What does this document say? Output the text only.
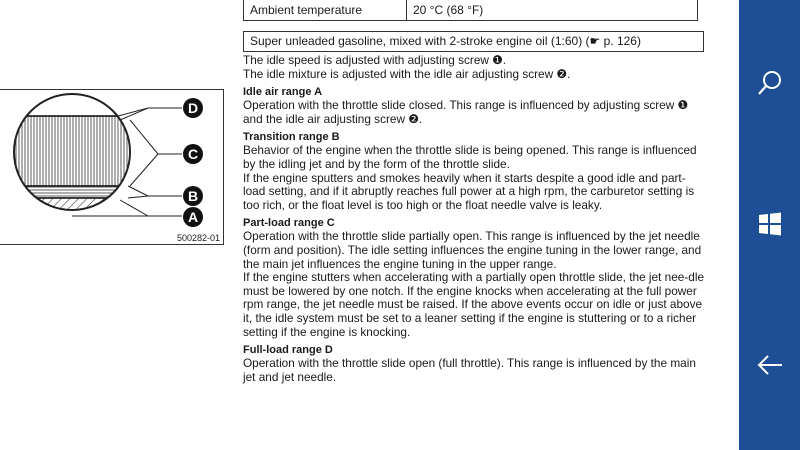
Ambient temperature	20 °C (68 °F)
Super unleaded gasoline, mixed with 2-stroke engine oil (1:60) (☛ p. 126)
D
C
B
A
500282-01

The idle speed is adjusted with adjusting screw ❶.

The idle mixture is adjusted with the idle air adjusting screw ❷.

Idle air range A

Operation with the throttle slide closed. This range is influenced by adjusting screw ❶ and the idle air adjusting screw ❷.

Transition range B

Behavior of the engine when the throttle slide is being opened. This range is influenced by the idling jet and by the form of the throttle slide.

If the engine sputters and smokes heavily when it starts despite a good idle and part-load setting, and if it abruptly reaches full power at a high rpm, the carburetor setting is too rich, or the float level is too high or the float needle valve is leaky.

Part-load range C

Operation with the throttle slide partially open. This range is influenced by the jet needle (form and position). The idle setting influences the engine tuning in the lower range, and the main jet influences the engine tuning in the upper range.

If the engine stutters when accelerating with a partially open throttle slide, the jet nee-dle must be lowered by one notch. If the engine knocks when accelerating at the full power rpm range, the jet needle must be raised. If the above events occur on idle or just above it, the idle system must be set to a leaner setting if the engine is stuttering or to a richer setting if the engine is knocking.

Full-load range D

Operation with the throttle slide open (full throttle). This range is influenced by the main jet and jet needle.
